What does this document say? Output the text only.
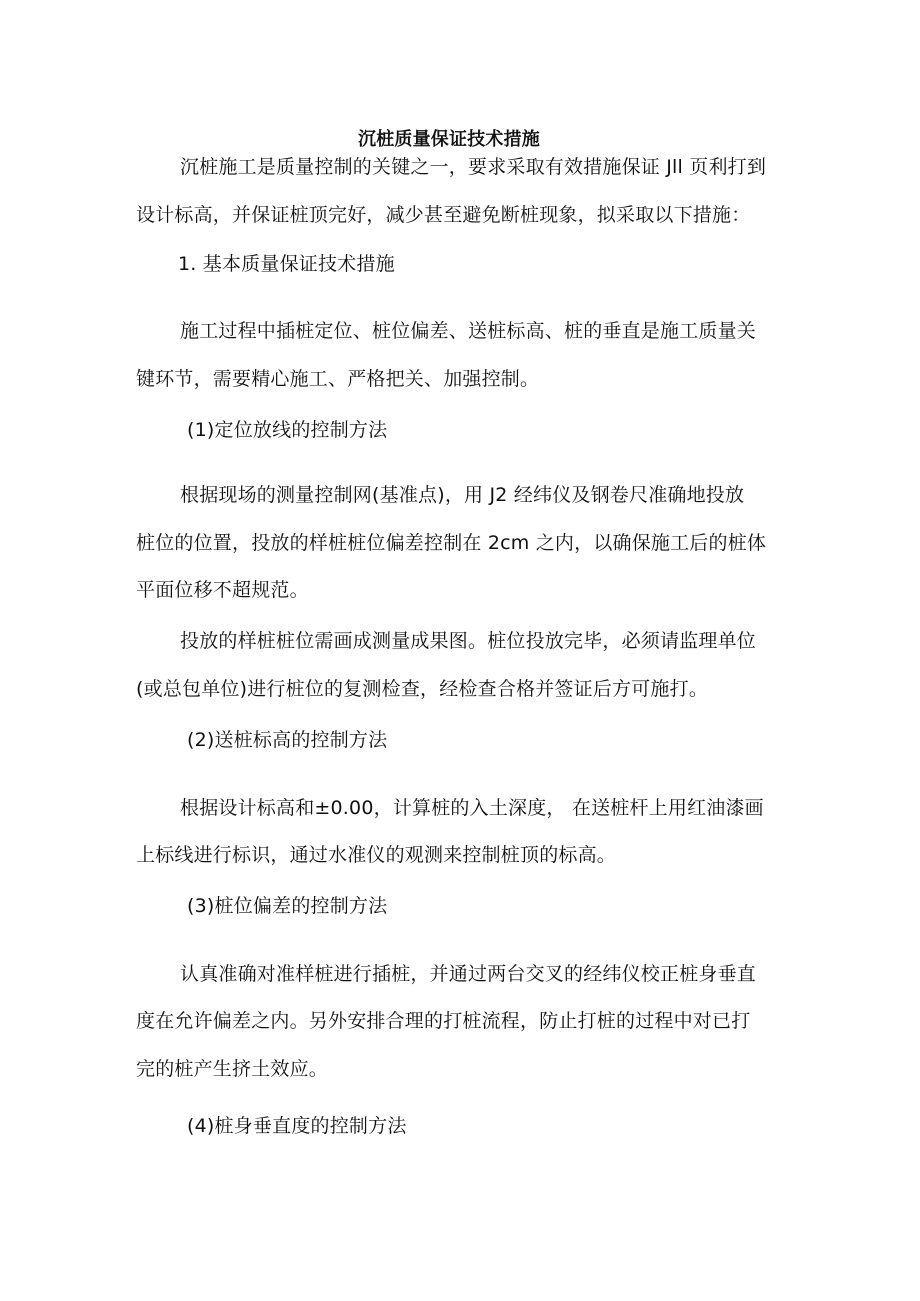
沉桩质量保证技术措施
沉桩施工是质量控制的关键之一，要求采取有效措施保证 Jll 页利打到
设计标高，并保证桩顶完好，减少甚至避免断桩现象，拟采取以下措施：
1. 基本质量保证技术措施
施工过程中插桩定位、桩位偏差、送桩标高、桩的垂直是施工质量关
键环节，需要精心施工、严格把关、加强控制。
(1)定位放线的控制方法
根据现场的测量控制网(基准点)，用 J2 经纬仪及钢卷尺准确地投放
桩位的位置，投放的样桩桩位偏差控制在 2cm 之内，以确保施工后的桩体
平面位移不超规范。
投放的样桩桩位需画成测量成果图。桩位投放完毕，必须请监理单位
(或总包单位)进行桩位的复测检查，经检查合格并签证后方可施打。
(2)送桩标高的控制方法
根据设计标高和±0.00，计算桩的入土深度， 在送桩杆上用红油漆画
上标线进行标识，通过水准仪的观测来控制桩顶的标高。
(3)桩位偏差的控制方法
认真准确对准样桩进行插桩，并通过两台交叉的经纬仪校正桩身垂直
度在允许偏差之内。另外安排合理的打桩流程，防止打桩的过程中对已打
完的桩产生挤土效应。
(4)桩身垂直度的控制方法
